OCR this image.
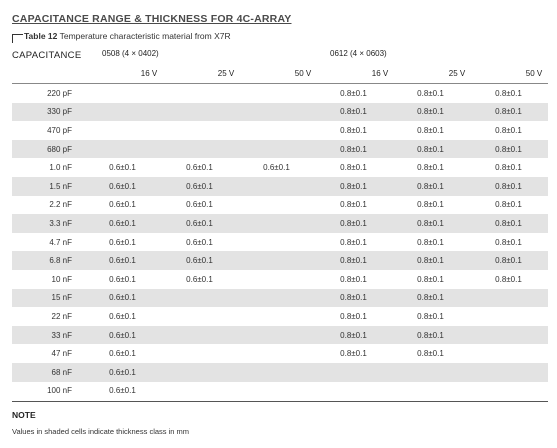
CAPACITANCE RANGE & THICKNESS FOR 4C-ARRAY
Table 12 Temperature characteristic material from X7R
CAPACITANCE	0508 (4 × 0402)	0612 (4 × 0603)
16 V	25 V	50 V	16 V	25 V	50 V
220 pF				0.8±0.1	0.8±0.1	0.8±0.1
330 pF				0.8±0.1	0.8±0.1	0.8±0.1
470 pF				0.8±0.1	0.8±0.1	0.8±0.1
680 pF				0.8±0.1	0.8±0.1	0.8±0.1
1.0 nF	0.6±0.1	0.6±0.1	0.6±0.1	0.8±0.1	0.8±0.1	0.8±0.1
1.5 nF	0.6±0.1	0.6±0.1		0.8±0.1	0.8±0.1	0.8±0.1
2.2 nF	0.6±0.1	0.6±0.1		0.8±0.1	0.8±0.1	0.8±0.1
3.3 nF	0.6±0.1	0.6±0.1		0.8±0.1	0.8±0.1	0.8±0.1
4.7 nF	0.6±0.1	0.6±0.1		0.8±0.1	0.8±0.1	0.8±0.1
6.8 nF	0.6±0.1	0.6±0.1		0.8±0.1	0.8±0.1	0.8±0.1
10 nF	0.6±0.1	0.6±0.1		0.8±0.1	0.8±0.1	0.8±0.1
15 nF	0.6±0.1			0.8±0.1	0.8±0.1	
22 nF	0.6±0.1			0.8±0.1	0.8±0.1	
33 nF	0.6±0.1			0.8±0.1	0.8±0.1	
47 nF	0.6±0.1			0.8±0.1	0.8±0.1	
68 nF	0.6±0.1					
100 nF	0.6±0.1					
NOTE
Values in shaded cells indicate thickness class in mm
